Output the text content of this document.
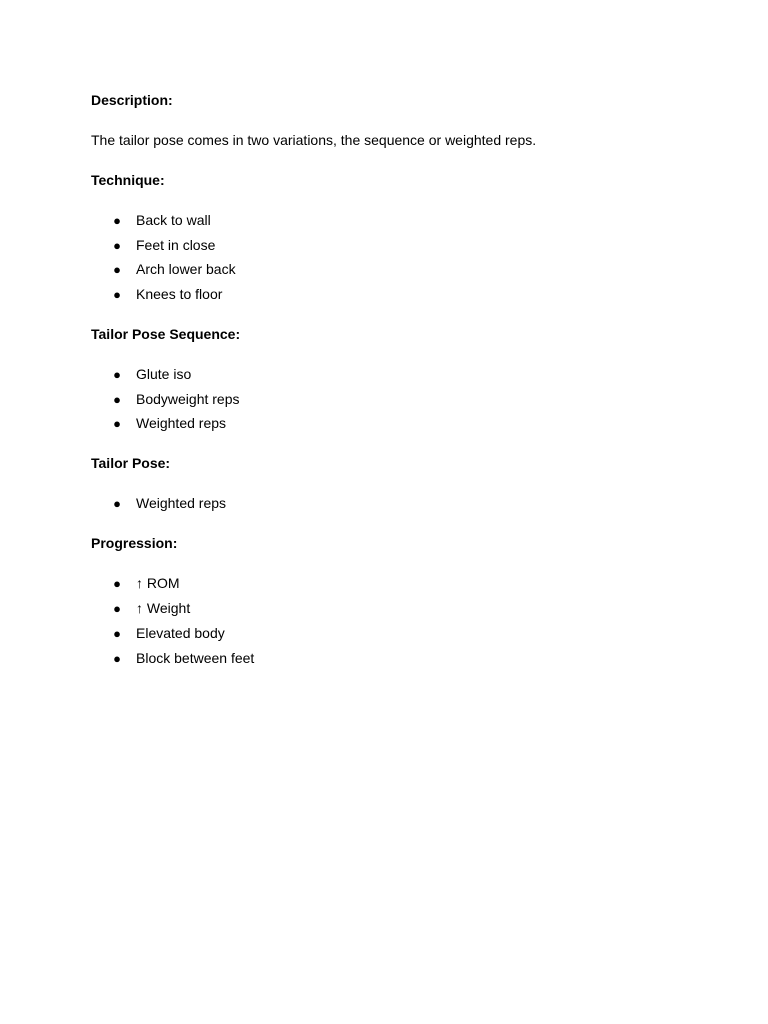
Description:

The tailor pose comes in two variations, the sequence or weighted reps.

Technique:

● Back to wall
● Feet in close
● Arch lower back
● Knees to floor

Tailor Pose Sequence:

● Glute iso
● Bodyweight reps
● Weighted reps

Tailor Pose:

● Weighted reps

Progression:

● ↑ ROM
● ↑ Weight
● Elevated body
● Block between feet
